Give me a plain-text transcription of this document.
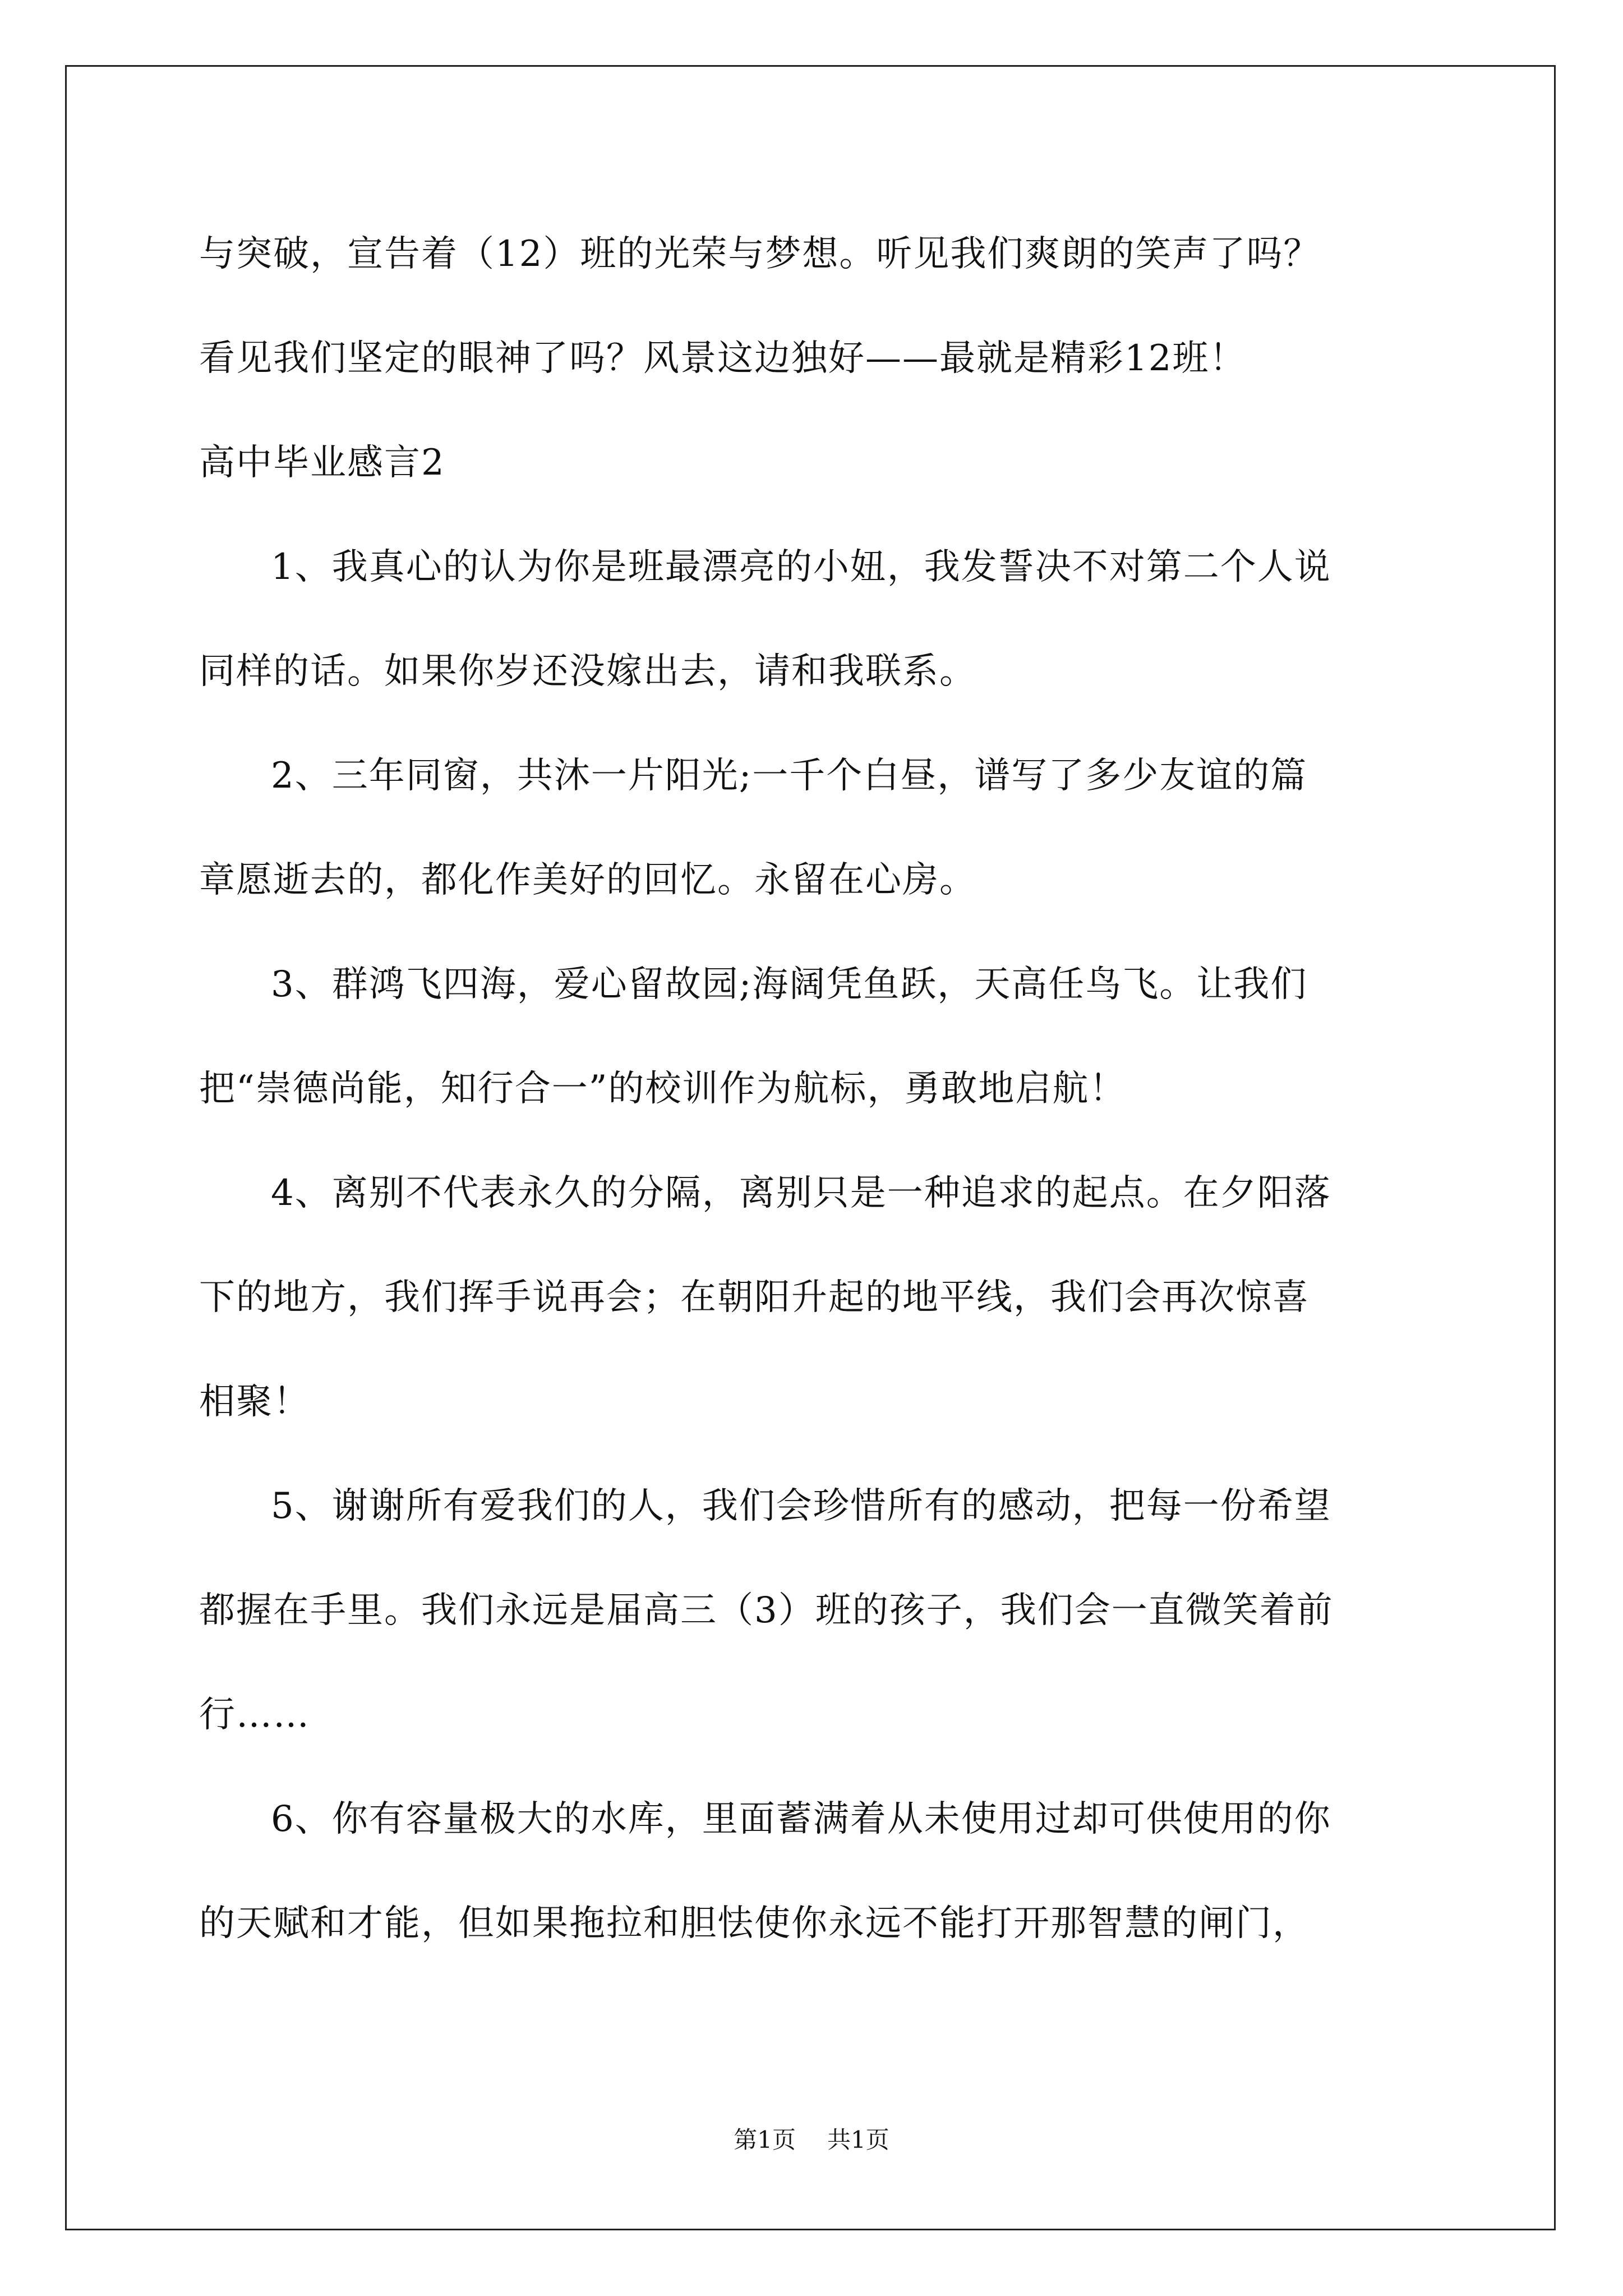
与突破，宣告着（12）班的光荣与梦想。听见我们爽朗的笑声了吗？
看见我们坚定的眼神了吗？风景这边独好——最就是精彩12班！
高中毕业感言2
1、我真心的认为你是班最漂亮的小妞，我发誓决不对第二个人说
同样的话。如果你岁还没嫁出去，请和我联系。
2、三年同窗，共沐一片阳光;一千个白昼，谱写了多少友谊的篇
章愿逝去的，都化作美好的回忆。永留在心房。
3、群鸿飞四海，爱心留故园;海阔凭鱼跃，天高任鸟飞。让我们
把“崇德尚能，知行合一”的校训作为航标，勇敢地启航！
4、离别不代表永久的分隔，离别只是一种追求的起点。在夕阳落
下的地方，我们挥手说再会；在朝阳升起的地平线，我们会再次惊喜
相聚！
5、谢谢所有爱我们的人，我们会珍惜所有的感动，把每一份希望
都握在手里。我们永远是届高三（3）班的孩子，我们会一直微笑着前
行……
6、你有容量极大的水库，里面蓄满着从未使用过却可供使用的你
的天赋和才能，但如果拖拉和胆怯使你永远不能打开那智慧的闸门，
第1页 共1页
